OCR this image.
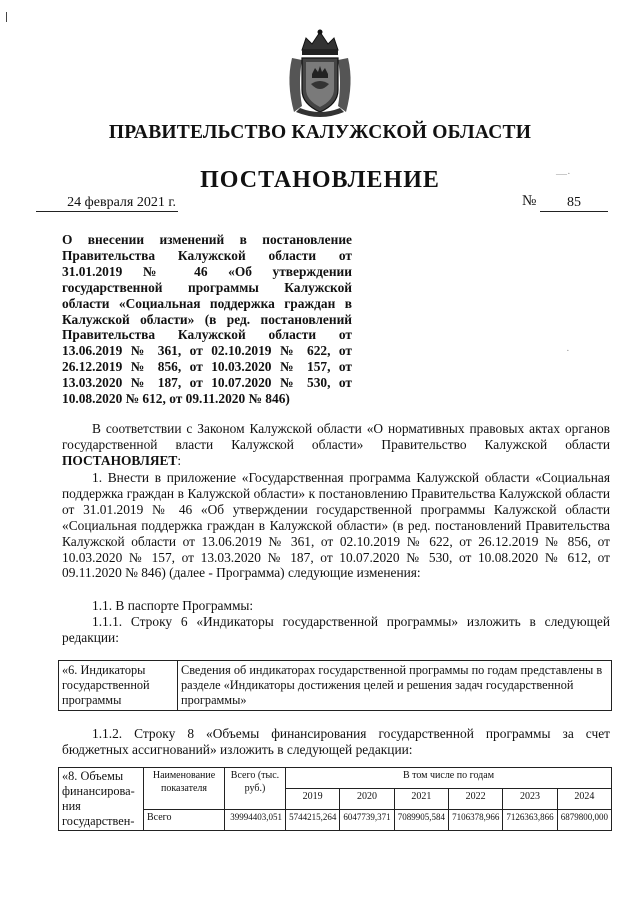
ПРАВИТЕЛЬСТВО КАЛУЖСКОЙ ОБЛАСТИ
ПОСТАНОВЛЕНИЕ
24 февраля 2021 г.	№	85
—·
·
О внесении изменений в постановление Правительства Калужской области от 31.01.2019 № 46 «Об утверждении государственной программы Калужской области «Социальная поддержка граждан в Калужской области» (в ред. постановлений Правительства Калужской области от 13.06.2019 № 361, от 02.10.2019 № 622, от 26.12.2019 № 856, от 10.03.2020 № 157, от 13.03.2020 № 187, от 10.07.2020 № 530, от 10.08.2020 № 612, от 09.11.2020 № 846)
В соответствии с Законом Калужской области «О нормативных правовых актах органов государственной власти Калужской области» Правительство Калужской области ПОСТАНОВЛЯЕТ:
1. Внести в приложение «Государственная программа Калужской области «Социальная поддержка граждан в Калужской области» к постановлению Правительства Калужской области от 31.01.2019 № 46 «Об утверждении государственной программы Калужской области «Социальная поддержка граждан в Калужской области» (в ред. постановлений Правительства Калужской области от 13.06.2019 № 361, от 02.10.2019 № 622, от 26.12.2019 № 856, от 10.03.2020 № 157, от 13.03.2020 № 187, от 10.07.2020 № 530, от 10.08.2020 № 612, от 09.11.2020 № 846) (далее - Программа) следующие изменения:
1.1. В паспорте Программы:
1.1.1. Строку 6 «Индикаторы государственной программы» изложить в следующей редакции:
«6. Индикаторы государственной программы	Сведения об индикаторах государственной программы по годам представлены в разделе «Индикаторы достижения целей и решения задач государственной программы»
1.1.2. Строку 8 «Объемы финансирования государственной программы за счет бюджетных ассигнований» изложить в следующей редакции:
«8. Объемы финансирова- ния государствен-	Наименование показателя	Всего (тыс. руб.)	В том числе по годам					
			2019	2020	2021	2022	2023	2024
	Всего	39994403,051	5744215,264	6047739,371	7089905,584	7106378,966	7126363,866	6879800,000
